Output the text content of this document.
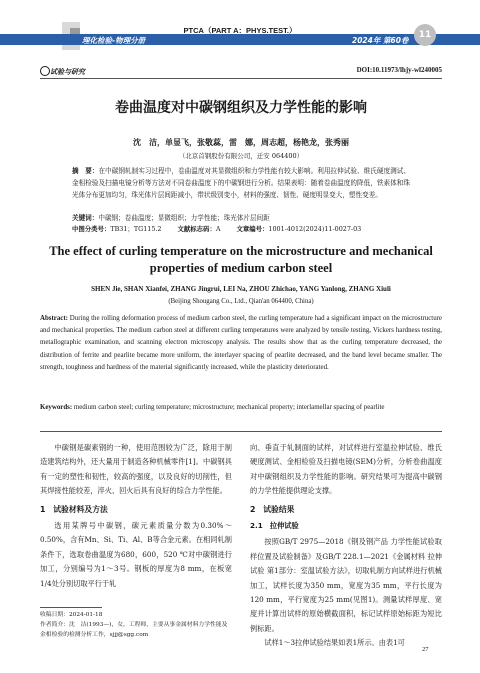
理化检验-物理分册
PTCA（PART A：PHYS.TEST.）
2024年 第60卷
11
试验与研究	DOI:10.11973/lhjy-wl240005
卷曲温度对中碳钢组织及力学性能的影响
沈　洁，单显飞，张敬蕊，雷　娜，周志超，杨艳龙，张秀丽
（北京首钢股份有限公司，迁安 064400）
摘　要：在中碳钢轧制实习过程中，卷曲温度对其显微组织和力学性能有较大影响。利用拉伸试验、维氏硬度测试、金相检验及扫描电镜分析等方法对不同卷曲温度下的中碳钢进行分析。结果表明：随着卷曲温度的降低，铁素体和珠光体分布更加均匀，珠光体片层间距减小，带状级别变小，材料的强度、韧性、硬度明显变大，塑性变差。
关键词：中碳钢；卷曲温度；显微组织；力学性能；珠光体片层间距
中图分类号：TB31；TG115.2	文献标志码：A	文章编号：1001-4012(2024)11-0027-03
The effect of curling temperature on the microstructure and mechanical properties of medium carbon steel
SHEN Jie, SHAN Xianfei, ZHANG Jingrui, LEI Na, ZHOU Zhichao, YANG Yanlong, ZHANG Xiuli
(Beijing Shougang Co., Ltd., Qian'an 064400, China)
Abstract: During the rolling deformation process of medium carbon steel, the curling temperature had a significant impact on the microstructure and mechanical properties. The medium carbon steel at different curling temperatures were analyzed by tensile testing, Vickers hardness testing, metallographic examination, and scanning electron microscopy analysis. The results show that as the curling temperature decreased, the distribution of ferrite and pearlite became more uniform, the interlayer spacing of pearlite decreased, and the band level became smaller. The strength, toughness and hardness of the material significantly increased, while the plasticity deteriorated.
Keywords: medium carbon steel; curling temperature; microstructure; mechanical property; interlamellar spacing of pearlite

中碳钢是碳素钢的一种，使用范围较为广泛，除用于制造建筑结构外，还大量用于制造各种机械零件[1]。中碳钢具有一定的塑性和韧性，较高的强度，以及良好的切削性，但其焊接性能较差，淬火、回火后具有良好的综合力学性能。

1　试验材料及方法

选用某牌号中碳钢，碳元素质量分数为0.30%～0.50%，含有Mn、Si、Ti、Al、B等合金元素。在相同轧制条件下，选取卷曲温度为680，600，520 ℃对中碳钢进行加工，分别编号为1～3号。钢板的厚度为8 mm，在板宽1/4处分别切取平行于轧

收稿日期：2024-01-18
作者简介：沈　洁(1993—)，女，工程师，主要从事金属材料力学性能及金相检验的检测分析工作，sjjj@sgg.com

向、垂直于轧制面的试样，对试样进行室温拉伸试验、维氏硬度测试、金相检验及扫描电镜(SEM)分析，分析卷曲温度对中碳钢组织及力学性能的影响。研究结果可为提高中碳钢的力学性能提供理论支撑。

2　试验结果
2.1　拉伸试验

按照GB/T 2975—2018《钢及钢产品 力学性能试验取样位置及试验制备》及GB/T 228.1—2021《金属材料 拉伸试验 第1部分：室温试验方法》，切取轧制方向试样进行机械加工，试样长度为350 mm，宽度为35 mm，平行长度为120 mm，平行宽度为25 mm(见图1)。测量试样厚度、宽度并计算出试样的原始横截面积，标记试样原始标距为短比例标距。

试样1～3拉伸试验结果如表1所示。由表1可

27
